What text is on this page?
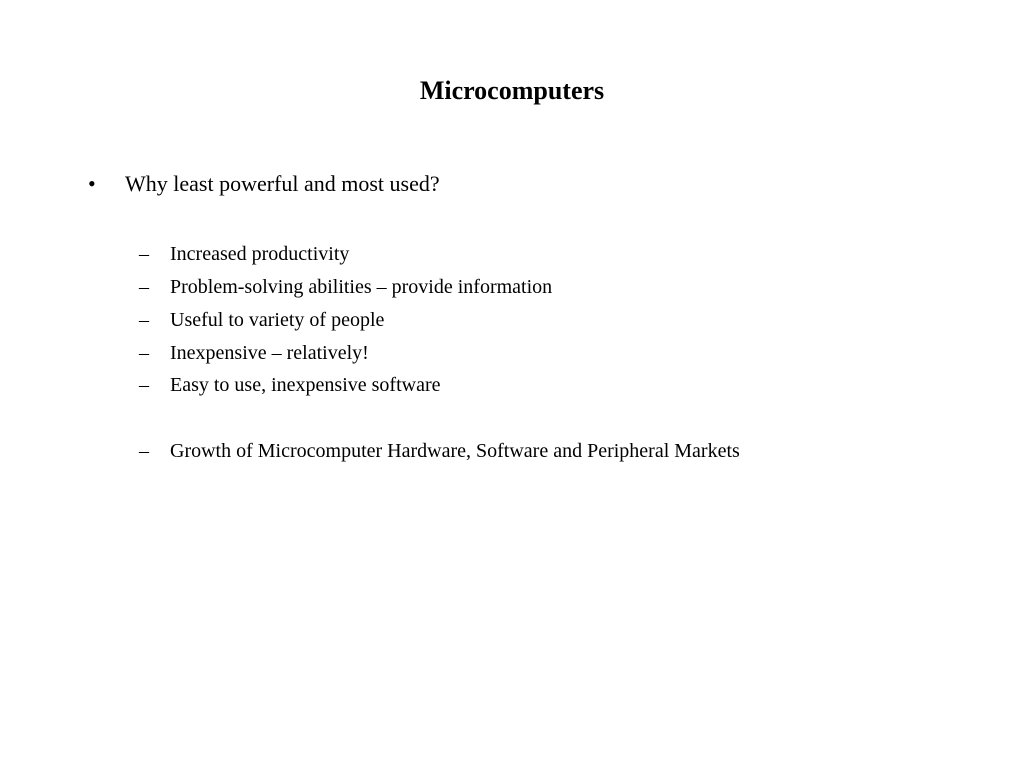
Microcomputers
• Why least powerful and most used?
– Increased productivity
– Problem-solving abilities – provide information
– Useful to variety of people
– Inexpensive – relatively!
– Easy to use, inexpensive software
– Growth of Microcomputer Hardware, Software and Peripheral Markets
